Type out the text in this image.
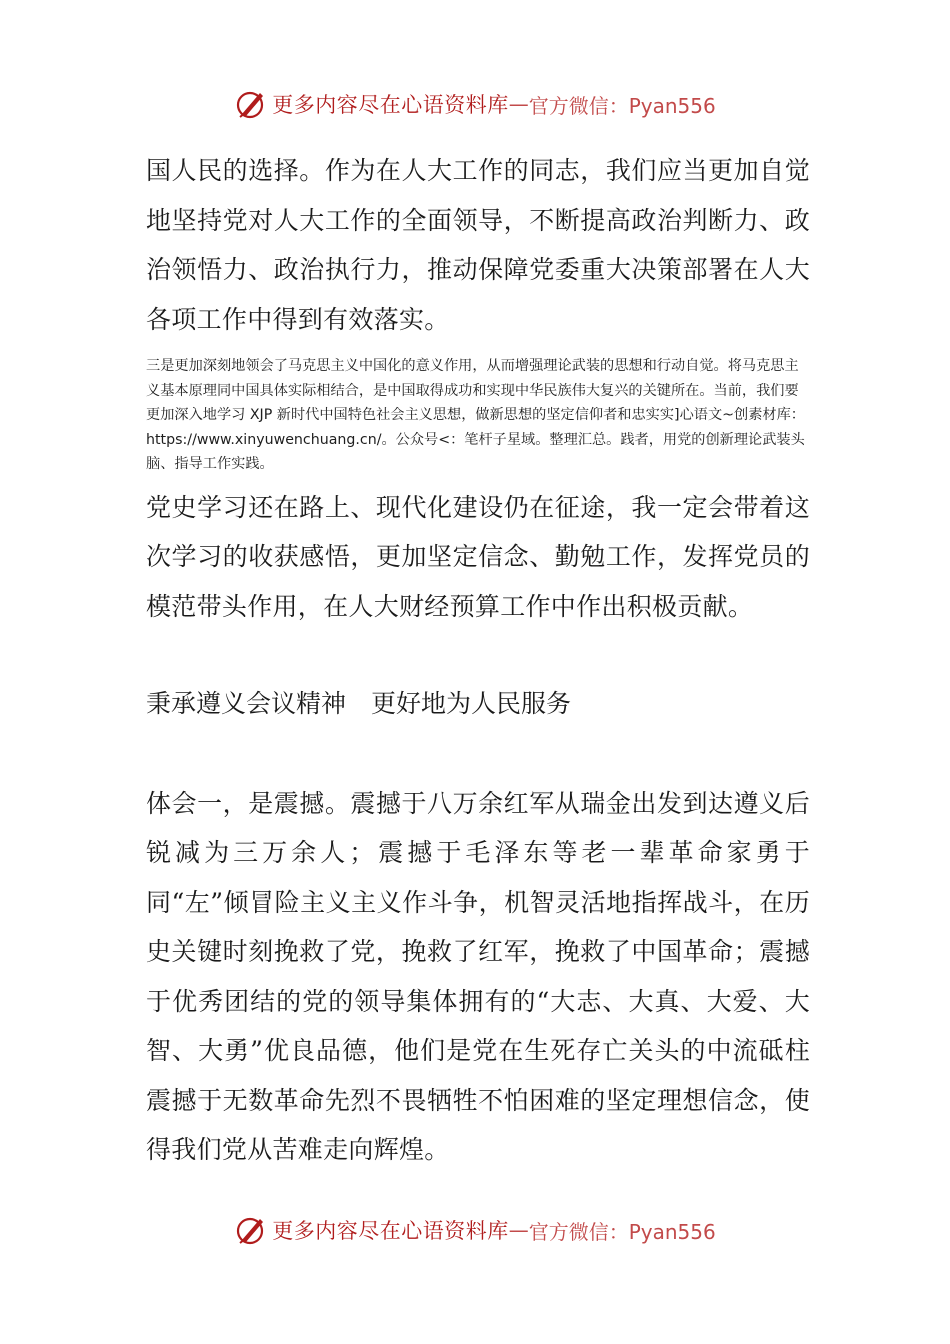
更多内容尽在心语资料库 — 官方微信：Pyan556

国人民的选择。作为在人大工作的同志，我们应当更加自觉地坚持党对人大工作的全面领导，不断提高政治判断力、政治领悟力、政治执行力，推动保障党委重大决策部署在人大各项工作中得到有效落实。

三是更加深刻地领会了马克思主义中国化的意义作用，从而增强理论武装的思想和行动自觉。将马克思主义基本原理同中国具体实际相结合，是中国取得成功和实现中华民族伟大复兴的关键所在。当前，我们要更加深入地学习 XJP 新时代中国特色社会主义思想，做新思想的坚定信仰者和忠实实]心语文~创素材库：https://www.xinyuwenchuang.cn/。公众号<：笔杆子星域。整理汇总。践者，用党的创新理论武装头脑、指导工作实践。

党史学习还在路上、现代化建设仍在征途，我一定会带着这次学习的收获感悟，更加坚定信念、勤勉工作，发挥党员的模范带头作用，在人大财经预算工作中作出积极贡献。

秉承遵义会议精神　更好地为人民服务

体会一，是震撼。震撼于八万余红军从瑞金出发到达遵义后锐减为三万余人；震撼于毛泽东等老一辈革命家勇于同“左”倾冒险主义主义作斗争，机智灵活地指挥战斗，在历史关键时刻挽救了党，挽救了红军，挽救了中国革命；震撼于优秀团结的党的领导集体拥有的“大志、大真、大爱、大智、大勇”优良品德，他们是党在生死存亡关头的中流砥柱震撼于无数革命先烈不畏牺牲不怕困难的坚定理想信念，使得我们党从苦难走向辉煌。

更多内容尽在心语资料库 — 官方微信：Pyan556
